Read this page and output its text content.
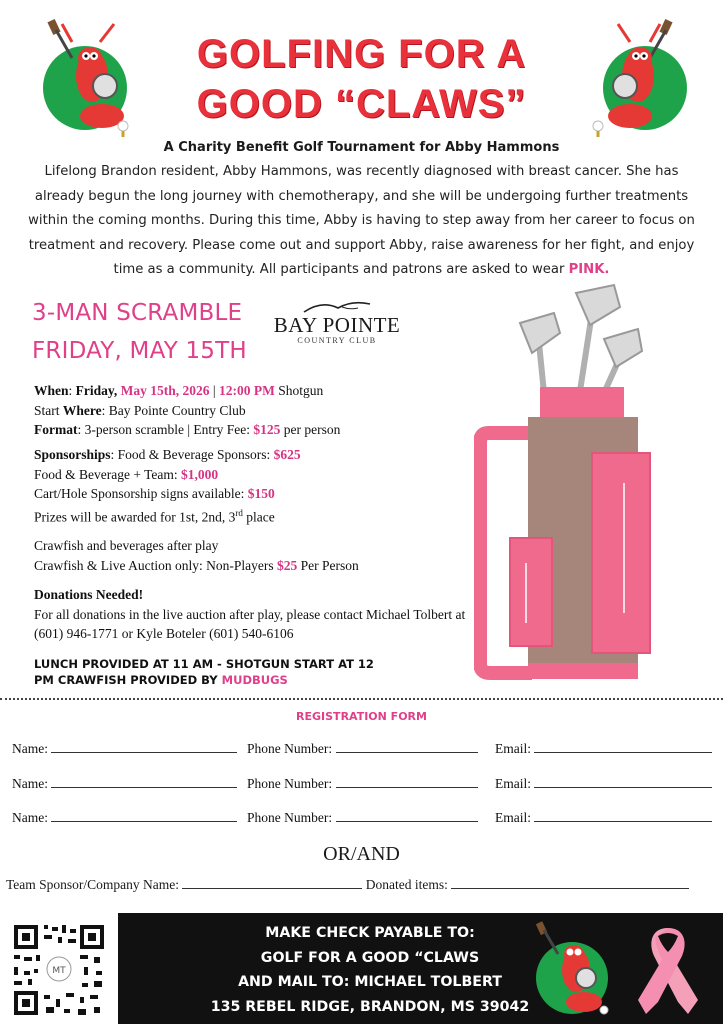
GOLFING FOR A
GOOD “CLAWS”
A Charity Benefit Golf Tournament for Abby Hammons
Lifelong Brandon resident, Abby Hammons, was recently diagnosed with breast cancer. She has already begun the long journey with chemotherapy, and she will be undergoing further treatments within the coming months. During this time, Abby is having to step away from her career to focus on treatment and recovery. Please come out and support Abby, raise awareness for her fight, and enjoy time as a community. All participants and patrons are asked to wear PINK.
3-MAN SCRAMBLE
FRIDAY, MAY 15TH
BAY POINTE
COUNTRY CLUB
When: Friday, May 15th, 2026 | 12:00 PM Shotgun
Start Where: Bay Pointe Country Club
Format: 3-person scramble | Entry Fee: $125 per person
Sponsorships: Food & Beverage Sponsors: $625
Food & Beverage + Team: $1,000
Cart/Hole Sponsorship signs available: $150
Prizes will be awarded for 1st, 2nd, 3rd place
Crawfish and beverages after play
Crawfish & Live Auction only: Non-Players $25 Per Person
Donations Needed!
For all donations in the live auction after play, please contact Michael Tolbert at (601) 946-1771 or Kyle Boteler (601) 540-6106
LUNCH PROVIDED AT 11 AM - SHOTGUN START AT 12 PM CRAWFISH PROVIDED BY MUDBUGS
REGISTRATION FORM
Name:	Phone Number:	Email:
Name:	Phone Number:	Email:
Name:	Phone Number:	Email:
OR/AND
Team Sponsor/Company Name:	Donated items:
MT
MAKE CHECK PAYABLE TO:
GOLF FOR A GOOD “CLAWS
AND MAIL TO: MICHAEL TOLBERT
135 REBEL RIDGE, BRANDON, MS 39042
